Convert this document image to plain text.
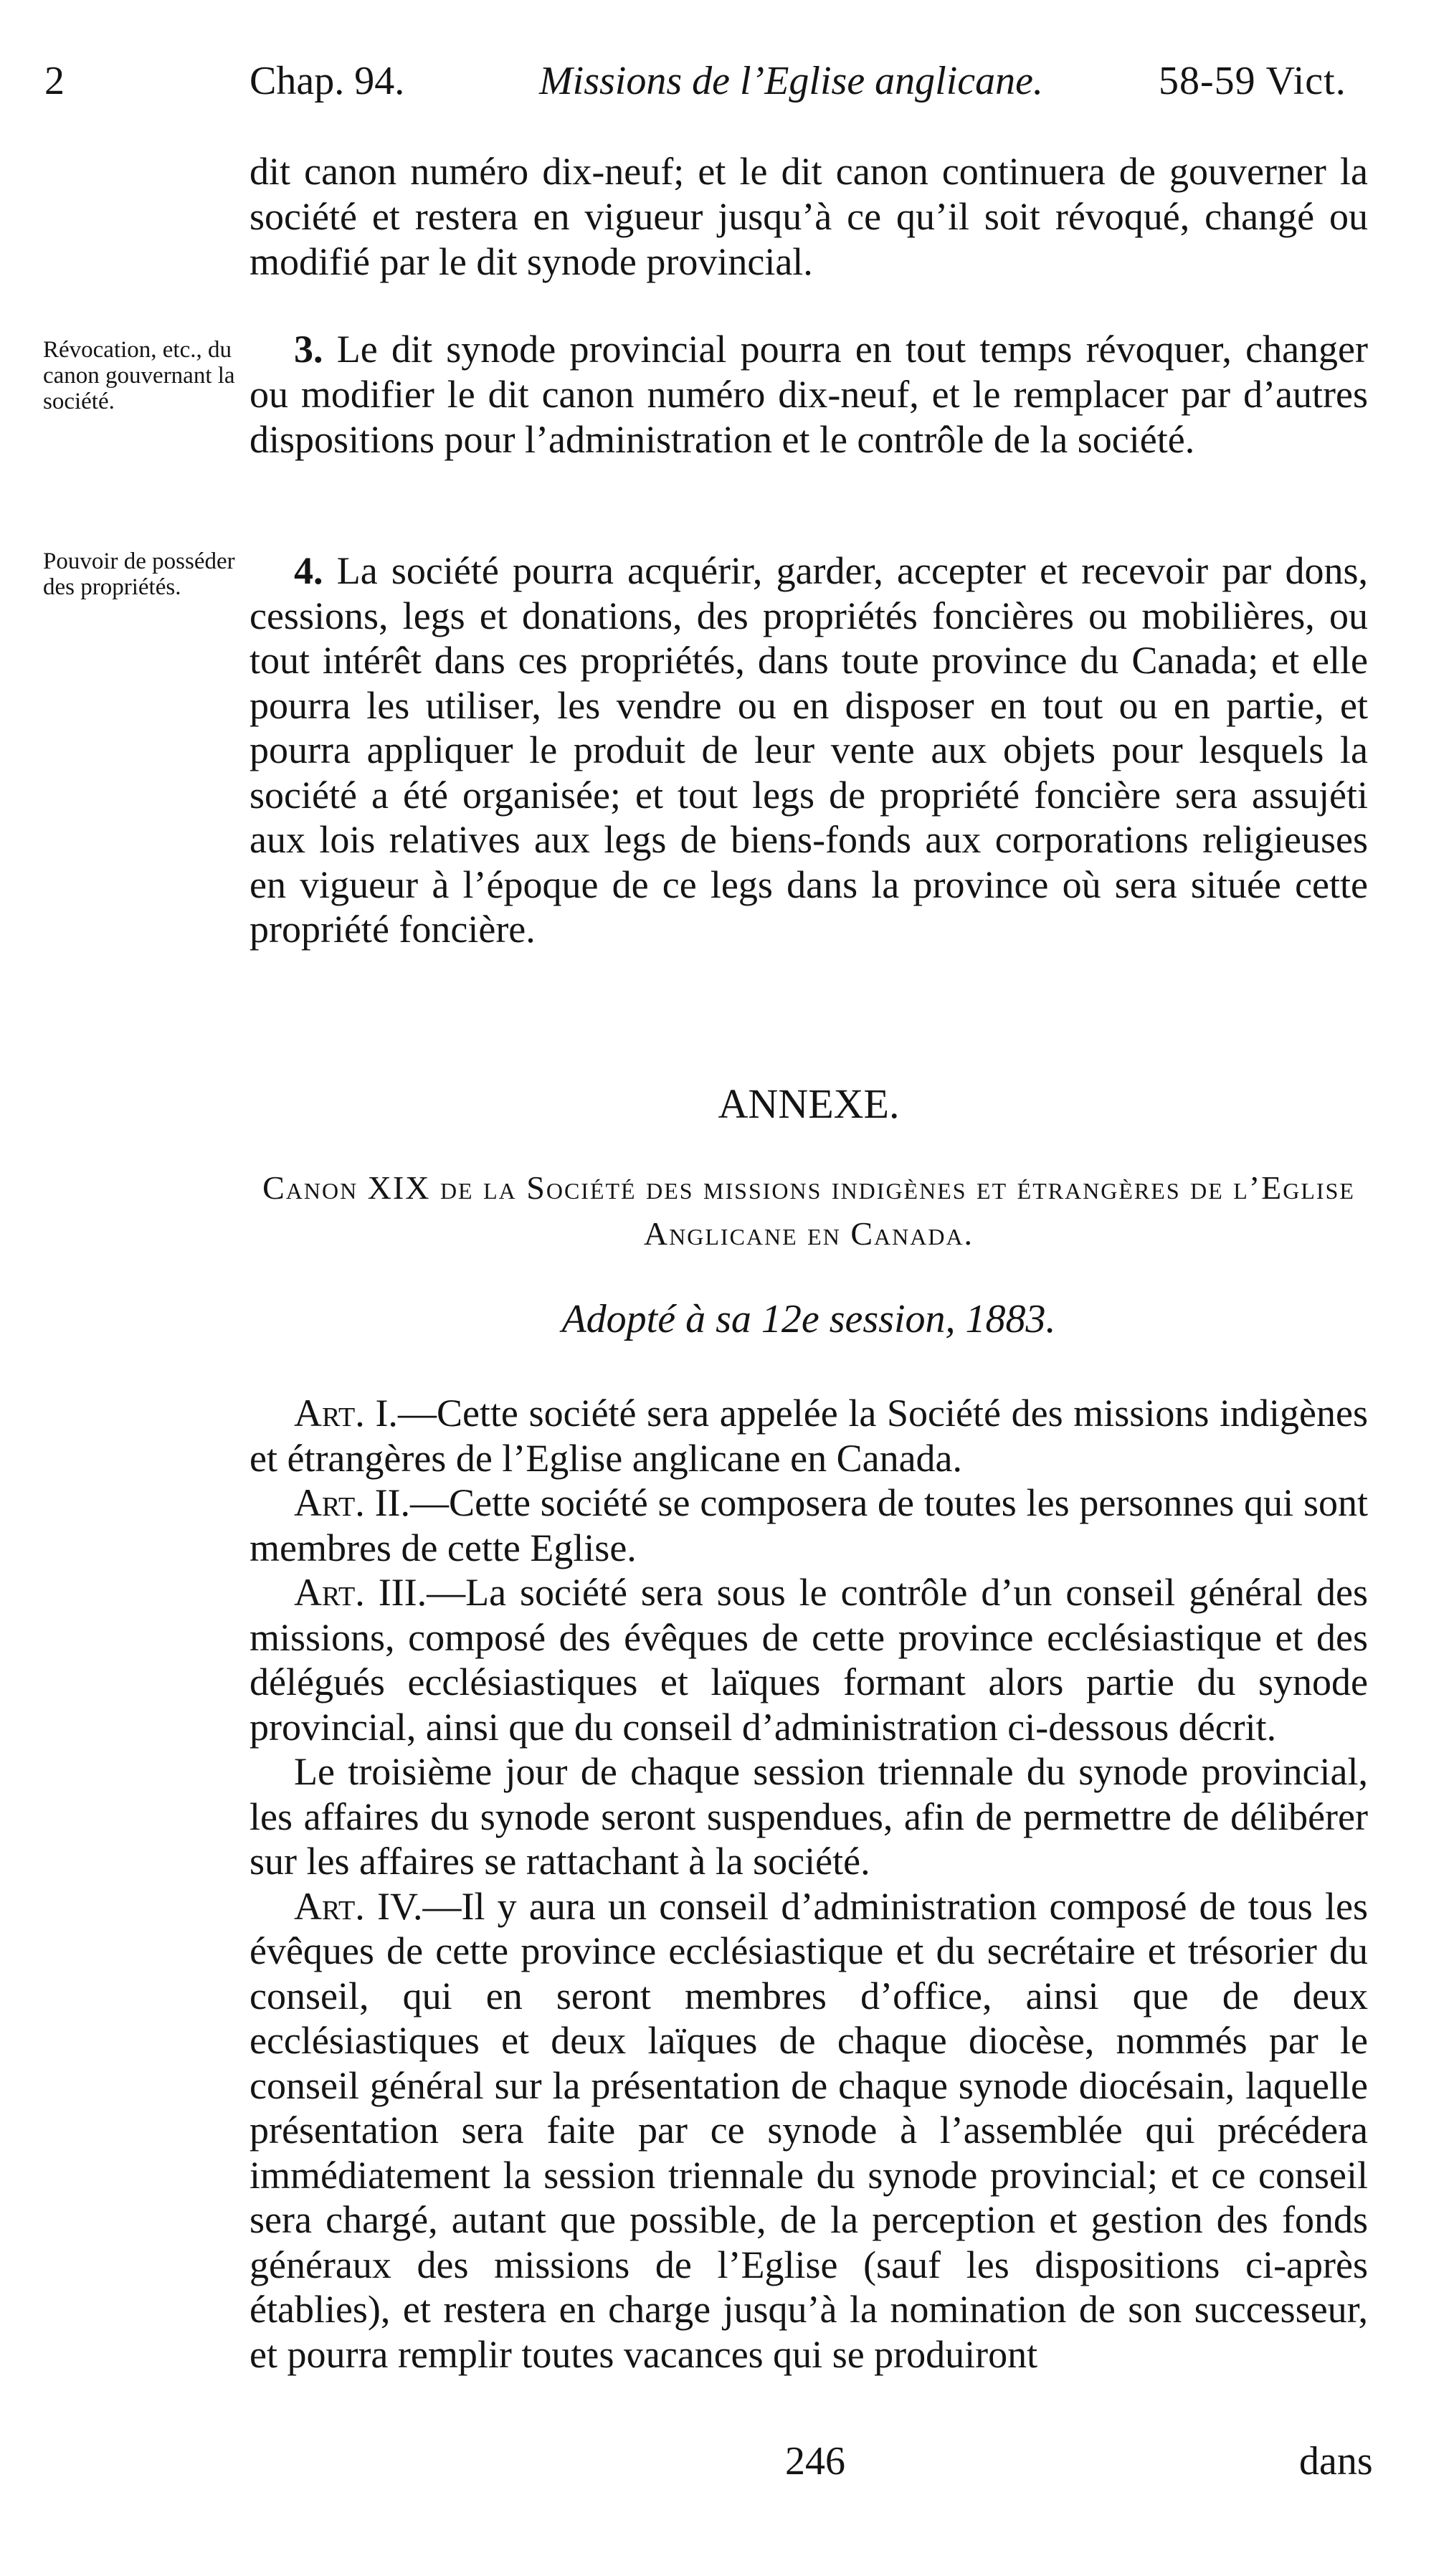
2	Chap. 94.	Missions de l’Eglise anglicane.	58-59 Vict.

dit canon numéro dix-neuf; et le dit canon continuera de gouverner la société et restera en vigueur jusqu’à ce qu’il soit révoqué, changé ou modifié par le dit synode provincial.

Révocation, etc., du canon gouvernant la société.

3. Le dit synode provincial pourra en tout temps révoquer, changer ou modifier le dit canon numéro dix-neuf, et le remplacer par d’autres dispositions pour l’administration et le contrôle de la société.

Pouvoir de posséder des propriétés.	4. La société pourra acquérir, garder, accepter et recevoir par dons, cessions, legs et donations, des propriétés foncières ou mobilières, ou tout intérêt dans ces propriétés, dans toute province du Canada; et elle pourra les utiliser, les vendre ou en disposer en tout ou en partie, et pourra appliquer le produit de leur vente aux objets pour lesquels la société a été organisée; et tout legs de propriété foncière sera assujéti aux lois relatives aux legs de biens-fonds aux corporations religieuses en vigueur à l’époque de ce legs dans la province où sera située cette propriété foncière.

ANNEXE.
Canon XIX de la Société des missions indigènes et étrangères de l’Eglise Anglicane en Canada.
Adopté à sa 12e session, 1883.

Art. I.—Cette société sera appelée la Société des missions indigènes et étrangères de l’Eglise anglicane en Canada.

Art. II.—Cette société se composera de toutes les personnes qui sont membres de cette Eglise.

Art. III.—La société sera sous le contrôle d’un conseil général des missions, composé des évêques de cette province ecclésiastique et des délégués ecclésiastiques et laïques formant alors partie du synode provincial, ainsi que du conseil d’administration ci-dessous décrit.

Le troisième jour de chaque session triennale du synode provincial, les affaires du synode seront suspendues, afin de permettre de délibérer sur les affaires se rattachant à la société.

Art. IV.—Il y aura un conseil d’administration composé de tous les évêques de cette province ecclésiastique et du secrétaire et trésorier du conseil, qui en seront membres d’office, ainsi que de deux ecclésiastiques et deux laïques de chaque diocèse, nommés par le conseil général sur la présentation de chaque synode diocésain, laquelle présentation sera faite par ce synode à l’assemblée qui précédera immédiatement la session triennale du synode provincial; et ce conseil sera chargé, autant que possible, de la perception et gestion des fonds généraux des missions de l’Eglise (sauf les dispositions ci-après établies), et restera en charge jusqu’à la nomination de son successeur, et pourra remplir toutes vacances qui se produiront

246	dans
